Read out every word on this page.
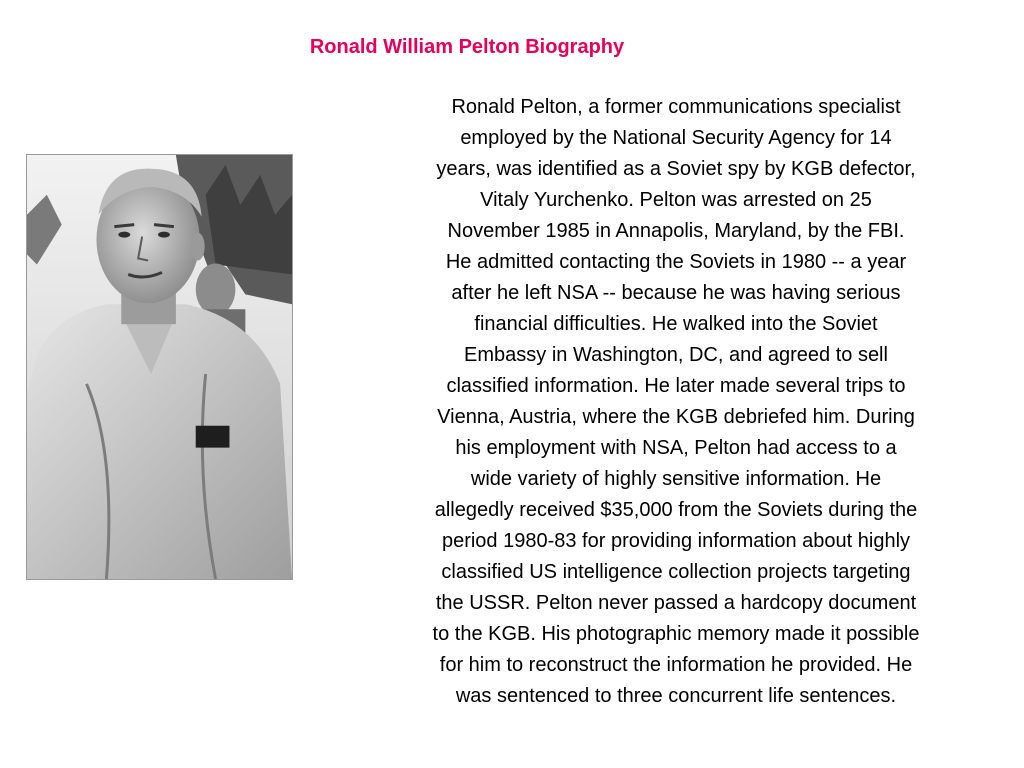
Ronald William Pelton Biography

Ronald Pelton, a former communications specialist
employed by the National Security Agency for 14
years, was identified as a Soviet spy by KGB defector,
Vitaly Yurchenko. Pelton was arrested on 25
November 1985 in Annapolis, Maryland, by the FBI.
He admitted contacting the Soviets in 1980 -- a year
after he left NSA -- because he was having serious
financial difficulties. He walked into the Soviet
Embassy in Washington, DC, and agreed to sell
classified information. He later made several trips to
Vienna, Austria, where the KGB debriefed him. During
his employment with NSA, Pelton had access to a
wide variety of highly sensitive information. He
allegedly received $35,000 from the Soviets during the
period 1980-83 for providing information about highly
classified US intelligence collection projects targeting
the USSR. Pelton never passed a hardcopy document
to the KGB. His photographic memory made it possible
for him to reconstruct the information he provided. He
was sentenced to three concurrent life sentences.
